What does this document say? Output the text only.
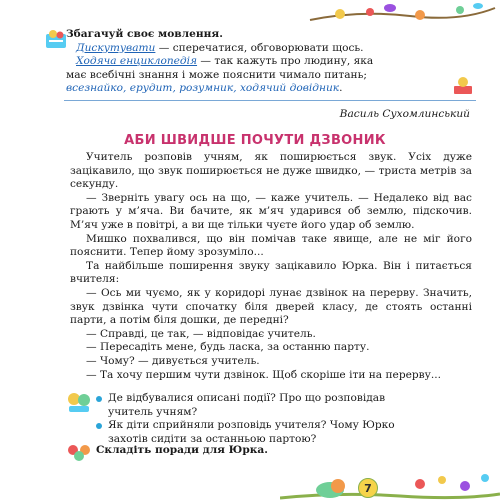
Збагачуй своє мовлення.

Дискутувати — сперечатися, обговорювати щось.

Ходяча енциклопедія — так кажуть про людину, яка має всебічні знання і може пояснити чимало питань; всезнайко, ерудит, розумник, ходячий довідник.

Василь Сухомлинський
АБИ ШВИДШЕ ПОЧУТИ ДЗВОНИК

Учитель розповів учням, як поширюється звук. Усіх дуже зацікавило, що звук поширюється не дуже швидко, — триста метрів за секунду.

— Зверніть увагу ось на що, — каже учитель. — Недалеко від вас грають у м’яча. Ви бачите, як м’яч ударився об землю, підскочив. М’яч уже в повітрі, а ви ще тільки чуєте його удар об землю.

Мишко похвалився, що він помічав таке явище, але не міг його пояснити. Тепер йому зрозуміло...

Та найбільше поширення звуку зацікавило Юрка. Він і питається вчителя:

— Ось ми чуємо, як у коридорі лунає дзвінок на перерву. Значить, звук дзвінка чути спочатку біля дверей класу, де стоять останні парти, а потім біля дошки, де передні?

— Справді, це так, — відповідає учитель.

— Пересадіть мене, будь ласка, за останню парту.

— Чому? — дивується учитель.

— Та хочу першим чути дзвінок. Щоб скоріше іти на перерву...

Де відбувалися описані події? Про що розповідав учитель учням?

Як діти сприйняли розповідь учителя? Чому Юрко захотів сидіти за останньою партою?

Складіть поради для Юрка.

7
